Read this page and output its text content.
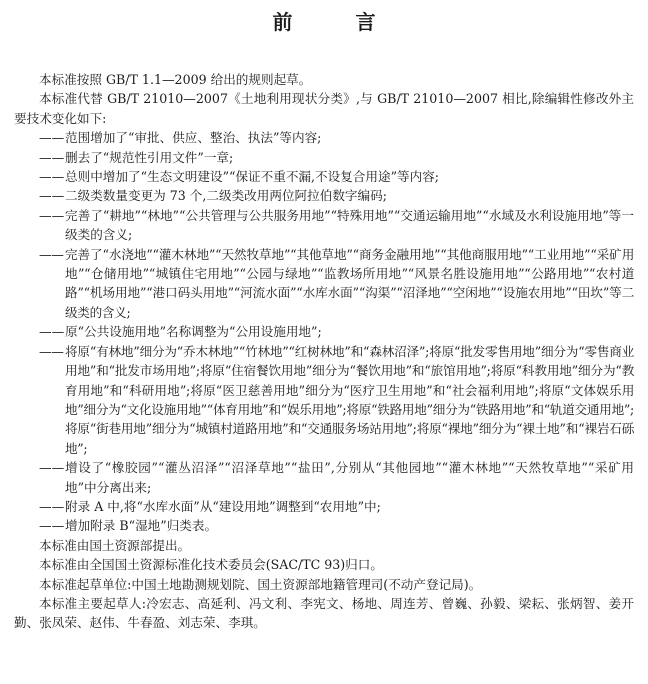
前 言

本标准按照 GB/T 1.1—2009 给出的规则起草。

本标准代替 GB/T 21010—2007《土地利用现状分类》,与 GB/T 21010—2007 相比,除编辑性修改外主要技术变化如下:

—— 范围增加了“审批、供应、整治、执法”等内容;

—— 删去了“规范性引用文件”一章;

—— 总则中增加了“生态文明建设”“保证不重不漏,不设复合用途”等内容;

—— 二级类数量变更为 73 个,二级类改用两位阿拉伯数字编码;

—— 完善了“耕地”“林地”“公共管理与公共服务用地”“特殊用地”“交通运输用地”“水域及水利设施用地”等一级类的含义;

—— 完善了“水浇地”“灌木林地”“天然牧草地”“其他草地”“商务金融用地”“其他商服用地”“工业用地”“采矿用地”“仓储用地”“城镇住宅用地”“公园与绿地”“监教场所用地”“风景名胜设施用地”“公路用地”“农村道路”“机场用地”“港口码头用地”“河流水面”“水库水面”“沟渠”“沼泽地”“空闲地”“设施农用地”“田坎”等二级类的含义;

—— 原“公共设施用地”名称调整为“公用设施用地”;

—— 将原“有林地”细分为“乔木林地”“竹林地”“红树林地”和“森林沼泽”;将原“批发零售用地”细分为“零售商业用地”和“批发市场用地”;将原“住宿餐饮用地”细分为“餐饮用地”和“旅馆用地”;将原“科教用地”细分为“教育用地”和“科研用地”;将原“医卫慈善用地”细分为“医疗卫生用地”和“社会福利用地”;将原“文体娱乐用地”细分为“文化设施用地”“体育用地”和“娱乐用地”;将原“铁路用地”细分为“铁路用地”和“轨道交通用地”;将原“街巷用地”细分为“城镇村道路用地”和“交通服务场站用地”;将原“裸地”细分为“裸土地”和“裸岩石砾地”;

—— 增设了“橡胶园”“灌丛沼泽”“沼泽草地”“盐田”,分别从“其他园地”“灌木林地”“天然牧草地”“采矿用地”中分离出来;

—— 附录 A 中,将“水库水面”从“建设用地”调整到“农用地”中;

—— 增加附录 B“湿地”归类表。

本标准由国土资源部提出。

本标准由全国国土资源标准化技术委员会(SAC/TC 93)归口。

本标准起草单位:中国土地勘测规划院、国土资源部地籍管理司(不动产登记局)。

本标准主要起草人:冷宏志、高延利、冯文利、李宪文、杨地、周连芳、曾巍、孙毅、梁耘、张炳智、姜开勤、张凤荣、赵伟、牛春盈、刘志荣、李琪。
